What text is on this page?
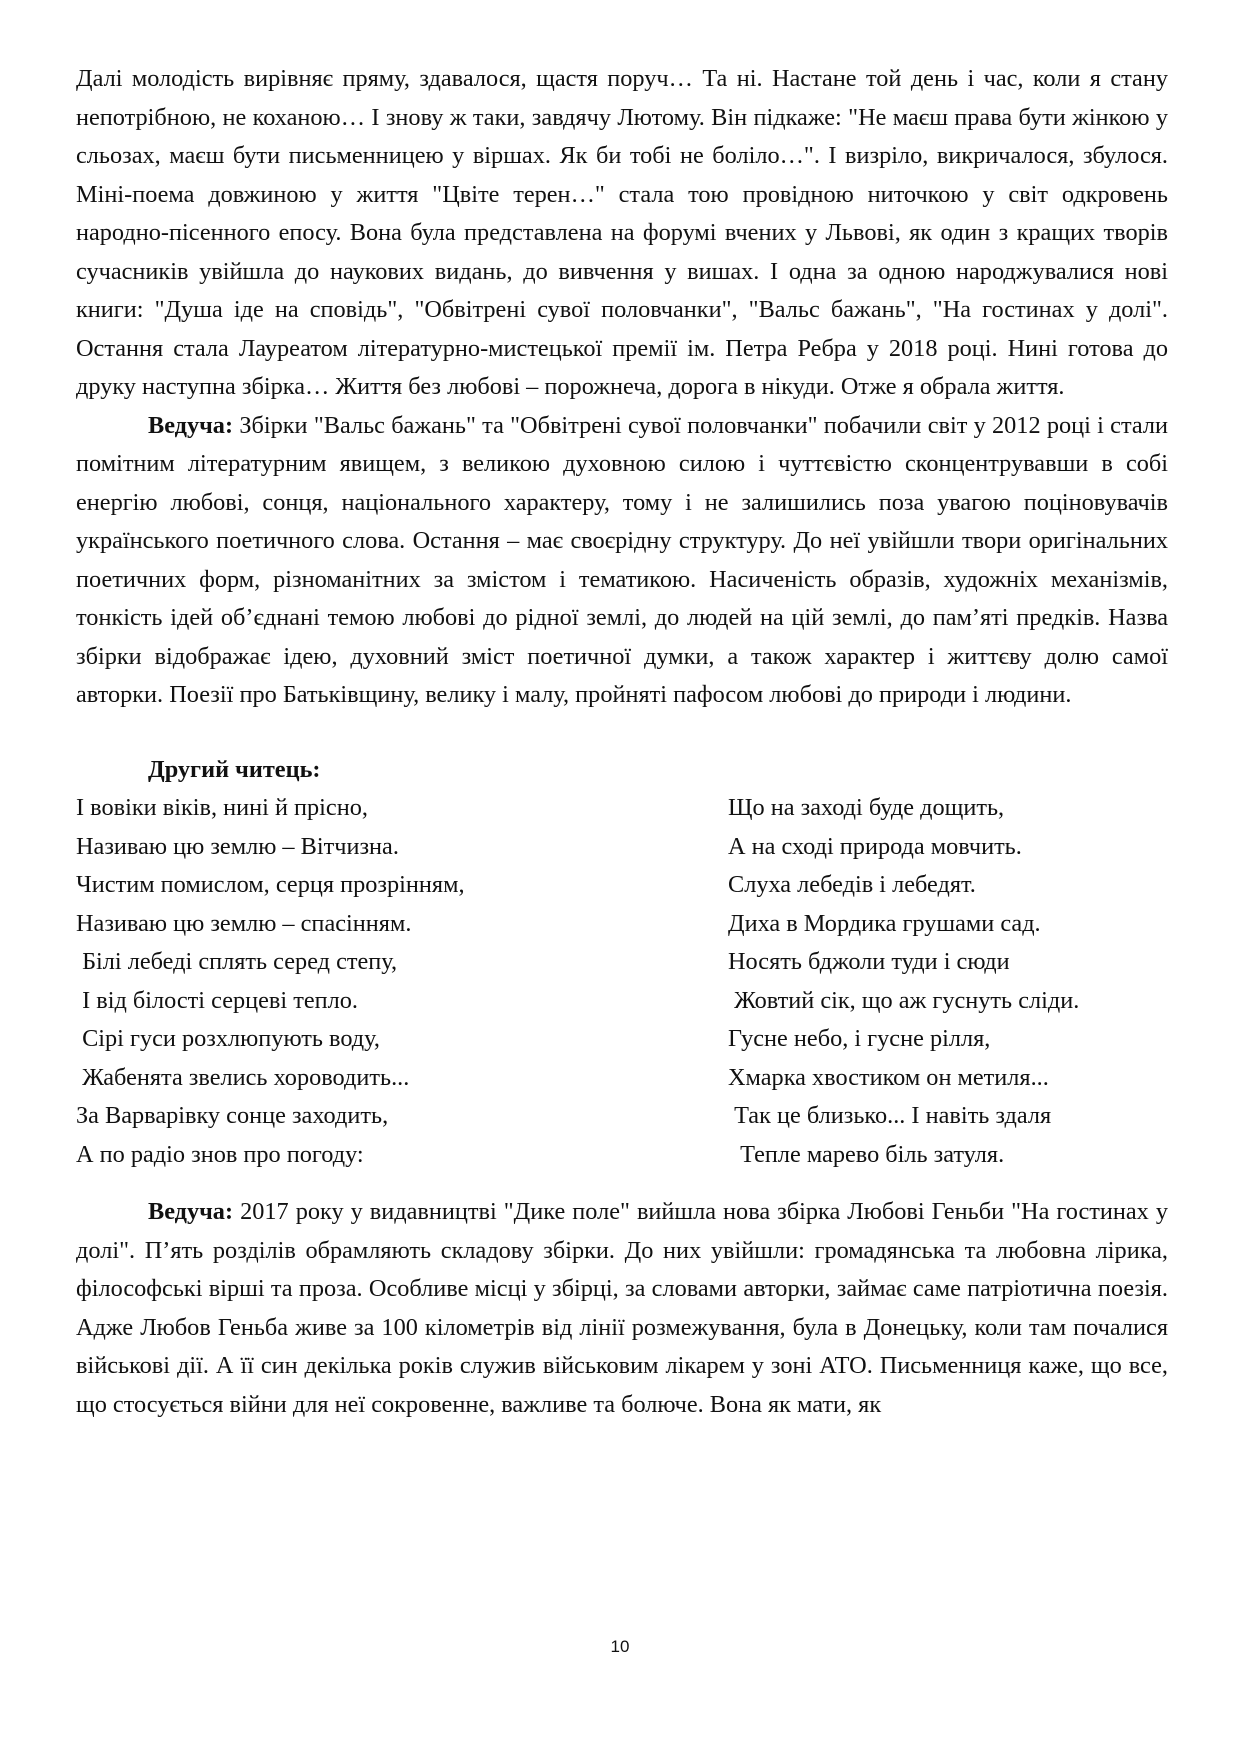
Далі молодість вирівняє пряму, здавалося, щастя поруч… Та ні. Настане той день і час, коли я стану непотрібною, не коханою… І знову ж таки, завдячу Лютому. Він підкаже: "Не маєш права бути жінкою у сльозах, маєш бути письменницею у віршах. Як би тобі не боліло…". І визріло, викричалося, збулося. Міні-поема довжиною у життя "Цвіте терен…" стала тою провідною ниточкою у світ одкровень народно-пісенного епосу. Вона була представлена на форумі вчених у Львові, як один з кращих творів сучасників увійшла до наукових видань, до вивчення у вишах. І одна за одною народжувалися нові книги: "Душа іде на сповідь", "Обвітрені сувої половчанки", "Вальс бажань", "На гостинах у долі". Остання стала Лауреатом літературно-мистецької премії ім. Петра Ребра у 2018 році. Нині готова до друку наступна збірка… Життя без любові – порожнеча, дорога в нікуди. Отже я обрала життя.

Ведуча: Збірки "Вальс бажань" та "Обвітрені сувої половчанки" побачили світ у 2012 році і стали помітним літературним явищем, з великою духовною силою і чуттєвістю сконцентрувавши в собі енергію любові, сонця, національного характеру, тому і не залишились поза увагою поціновувачів українського поетичного слова. Остання – має своєрідну структуру. До неї увійшли твори оригінальних поетичних форм, різноманітних за змістом і тематикою. Насиченість образів, художніх механізмів, тонкість ідей об’єднані темою любові до рідної землі, до людей на цій землі, до пам’яті предків. Назва збірки відображає ідею, духовний зміст поетичної думки, а також характер і життєву долю самої авторки. Поезії про Батьківщину, велику і малу, пройняті пафосом любові до природи і людини.

Другий читець:
І вовіки віків, нині й прісно,
Називаю цю землю – Вітчизна.
Чистим помислом, серця прозрінням,
Називаю цю землю – спасінням.
Білі лебеді сплять серед степу,
І від білості серцеві тепло.
Сірі гуси розхлюпують воду,
Жабенята звелись хороводить...
За Варварівку сонце заходить,
А по радіо знов про погоду:
Що на заході буде дощить,
А на сході природа мовчить.
Слуха лебедів і лебедят.
Диха в Мордика грушами сад.
Носять бджоли туди і сюди
Жовтий сік, що аж гуснуть сліди.
Гусне небо, і гусне рілля,
Хмарка хвостиком он метиля...
Так це близько... І навіть здаля
Тепле марево біль затуля.

Ведуча: 2017 року у видавництві "Дике поле" вийшла нова збірка Любові Геньби "На гостинах у долі". П’ять розділів обрамляють складову збірки. До них увійшли: громадянська та любовна лірика, філософські вірші та проза. Особливе місці у збірці, за словами авторки, займає саме патріотична поезія. Адже Любов Геньба живе за 100 кілометрів від лінії розмежування, була в Донецьку, коли там почалися військові дії. А її син декілька років служив військовим лікарем у зоні АТО. Письменниця каже, що все, що стосується війни для неї сокровенне, важливе та болюче. Вона як мати, як

10
